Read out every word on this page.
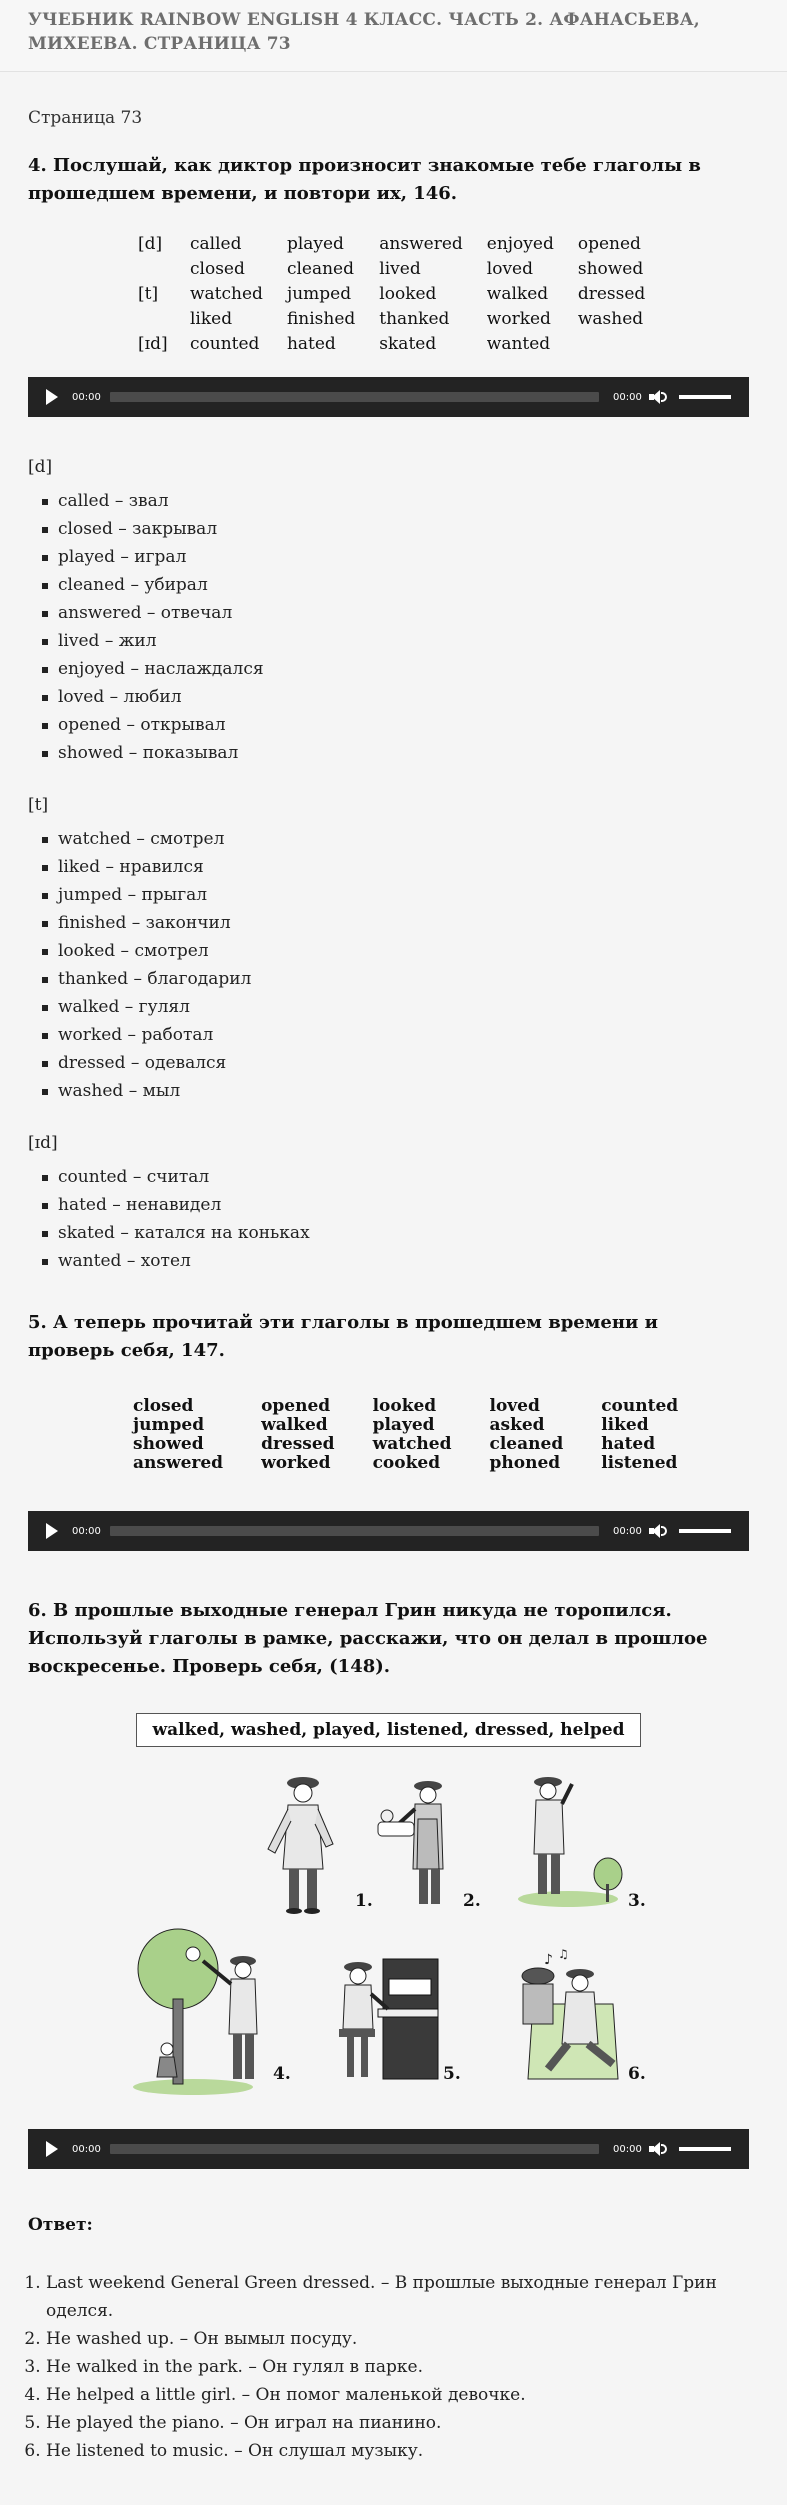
УЧЕБНИК RAINBOW ENGLISH 4 КЛАСС. ЧАСТЬ 2. АФАНАСЬЕВА, МИХЕЕВА. СТРАНИЦА 73

Страница 73

4. Послушай, как диктор произносит знакомые тебе глаголы в прошедшем времени, и повтори их, 146.
[d]	called	played	answered	enjoyed	opened
	closed	cleaned	lived	loved	showed
[t]	watched	jumped	looked	walked	dressed
	liked	finished	thanked	worked	washed
[ɪd]	counted	hated	skated	wanted	
00:00	00:00

[d]

called – звал
closed – закрывал
played – играл
cleaned – убирал
answered – отвечал
lived – жил
enjoyed – наслаждался
loved – любил
opened – открывал
showed – показывал

[t]

watched – смотрел
liked – нравился
jumped – прыгал
finished – закончил
looked – смотрел
thanked – благодарил
walked – гулял
worked – работал
dressed – одевался
washed – мыл

[ɪd]

counted – считал
hated – ненавидел
skated – катался на коньках
wanted – хотел
5. А теперь прочитай эти глаголы в прошедшем времени и проверь себя, 147.
closed	opened	looked	loved	counted
jumped	walked	played	asked	liked
showed	dressed	watched	cleaned	hated
answered	worked	cooked	phoned	listened
00:00	00:00
6. В прошлые выходные генерал Грин никуда не торопился. Используй глаголы в рамке, расскажи, что он делал в прошлое воскресенье. Проверь себя, (148).
walked, washed, played, listened, dressed, helped
1.	2.	3.
4.	5.
♪ ♫
6.
00:00	00:00

Ответ:

1. Last weekend General Green dressed. – В прошлые выходные генерал Грин оделся.
2. He washed up. – Он вымыл посуду.
3. He walked in the park. – Он гулял в парке.
4. He helped a little girl. – Он помог маленькой девочке.
5. He played the piano. – Он играл на пианино.
6. He listened to music. – Он слушал музыку.
